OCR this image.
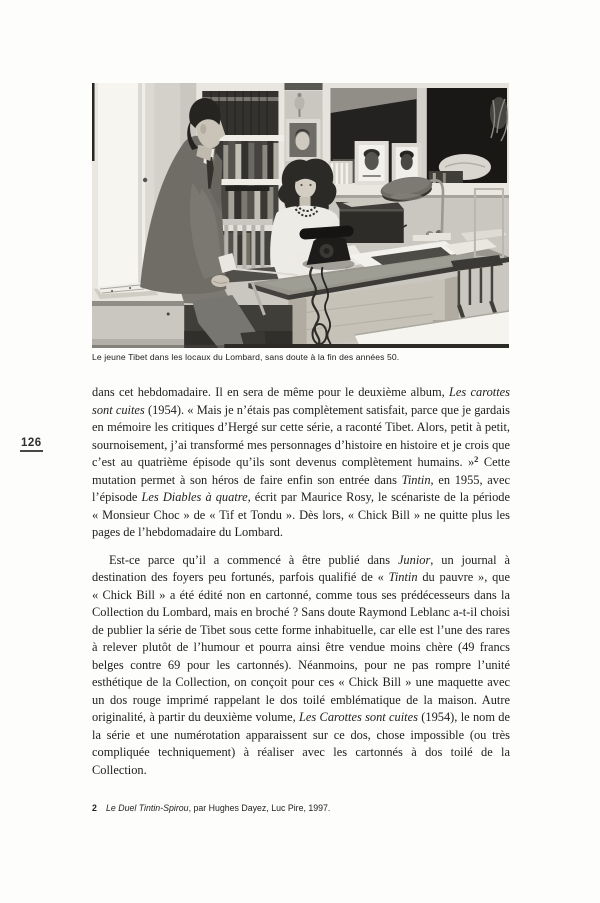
126
Le jeune Tibet dans les locaux du Lombard, sans doute à la fin des années 50.

dans cet hebdomadaire. Il en sera de même pour le deuxième album, Les carottes sont cuites (1954). « Mais je n’étais pas complètement satisfait, parce que je gardais en mémoire les critiques d’Hergé sur cette série, a raconté Tibet. Alors, petit à petit, sournoisement, j’ai transformé mes personnages d’histoire en histoire et je crois que c’est au quatrième épisode qu’ils sont devenus complètement humains. »$^2$ Cette mutation permet à son héros de faire enfin son entrée dans Tintin, en 1955, avec l’épisode Les Diables à quatre, écrit par Maurice Rosy, le scénariste de la période « Monsieur Choc » de « Tif et Tondu ». Dès lors, « Chick Bill » ne quitte plus les pages de l’hebdomadaire du Lombard.

Est-ce parce qu’il a commencé à être publié dans Junior, un journal à destination des foyers peu fortunés, parfois qualifié de « Tintin du pauvre », que « Chick Bill » a été édité non en cartonné, comme tous ses prédécesseurs dans la Collection du Lombard, mais en broché ? Sans doute Raymond Leblanc a-t-il choisi de publier la série de Tibet sous cette forme inhabituelle, car elle est l’une des rares à relever plutôt de l’humour et pourra ainsi être vendue moins chère (49 francs belges contre 69 pour les cartonnés). Néanmoins, pour ne pas rompre l’unité esthétique de la Collection, on conçoit pour ces « Chick Bill » une maquette avec un dos rouge imprimé rappelant le dos toilé emblématique de la maison. Autre originalité, à partir du deuxième volume, Les Carottes sont cuites (1954), le nom de la série et une numérotation apparaissent sur ce dos, chose impossible (ou très compliquée techniquement) à réaliser avec les cartonnés à dos toilé de la Collection.

2	Le Duel Tintin-Spirou, par Hughes Dayez, Luc Pire, 1997.
